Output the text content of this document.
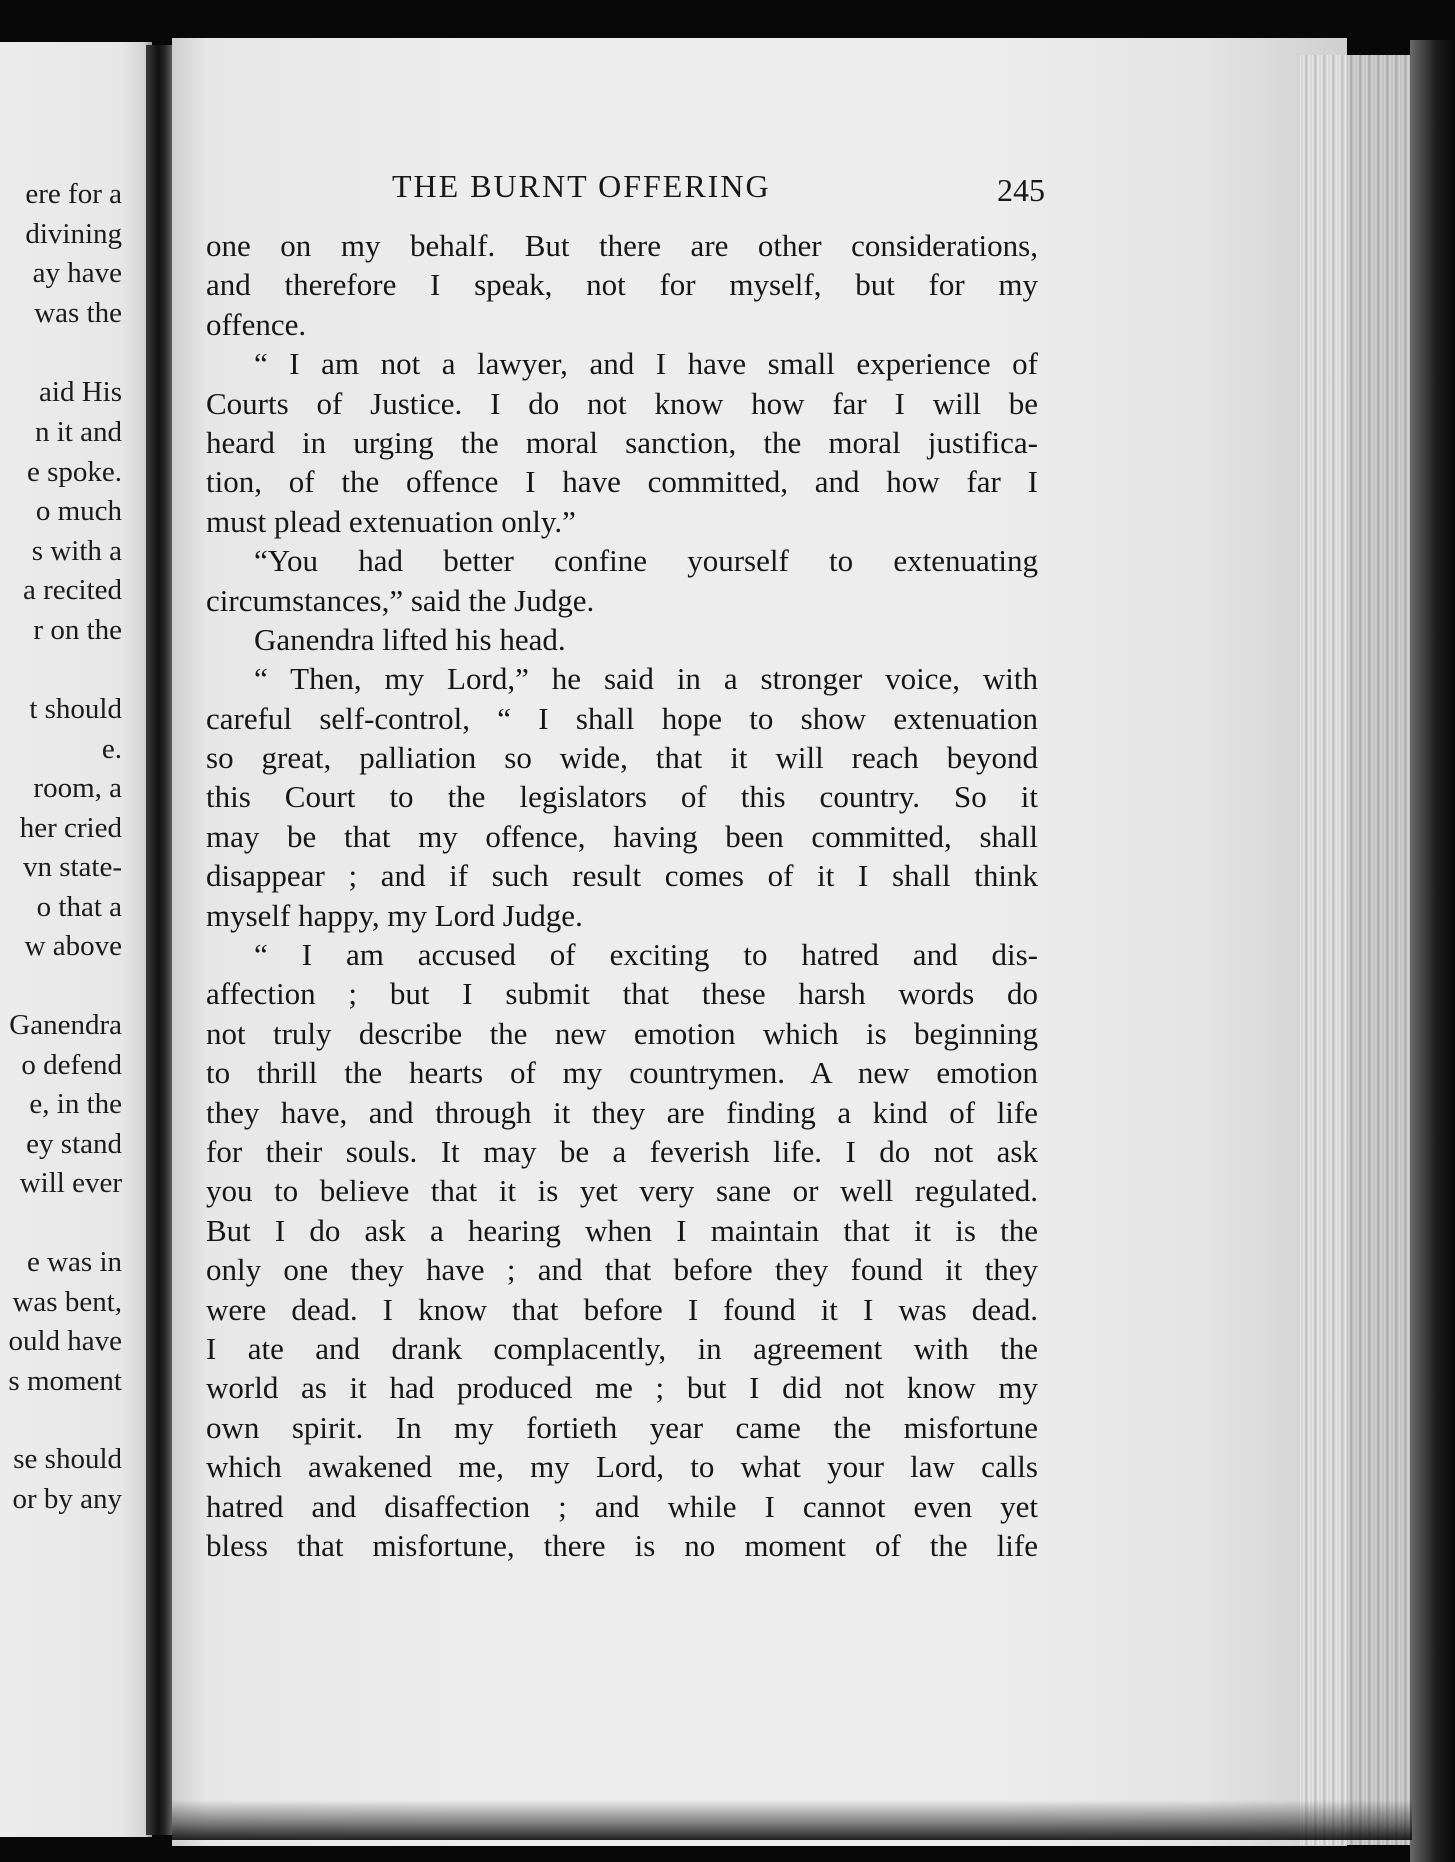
ere for a
divining
ay have
was the
aid His
n it and
e spoke.
o much
s with a
a recited
r on the
t should
e.
room, a
her cried
vn state-
o that a
w above
Ganendra
o defend
e, in the
ey stand
will ever
e was in
was bent,
ould have
s moment
se should
or by any
THE BURNT OFFERING	245
one on my behalf. But there are other considerations,
and therefore I speak, not for myself, but for my
offence.
“ I am not a lawyer, and I have small experience of
Courts of Justice. I do not know how far I will be
heard in urging the moral sanction, the moral justifica-
tion, of the offence I have committed, and how far I
must plead extenuation only.”
“You had better confine yourself to extenuating
circumstances,” said the Judge.
Ganendra lifted his head.
“ Then, my Lord,” he said in a stronger voice, with
careful self-control, “ I shall hope to show extenuation
so great, palliation so wide, that it will reach beyond
this Court to the legislators of this country. So it
may be that my offence, having been committed, shall
disappear ; and if such result comes of it I shall think
myself happy, my Lord Judge.
“ I am accused of exciting to hatred and dis-
affection ; but I submit that these harsh words do
not truly describe the new emotion which is beginning
to thrill the hearts of my countrymen. A new emotion
they have, and through it they are finding a kind of life
for their souls. It may be a feverish life. I do not ask
you to believe that it is yet very sane or well regulated.
But I do ask a hearing when I maintain that it is the
only one they have ; and that before they found it they
were dead. I know that before I found it I was dead.
I ate and drank complacently, in agreement with the
world as it had produced me ; but I did not know my
own spirit. In my fortieth year came the misfortune
which awakened me, my Lord, to what your law calls
hatred and disaffection ; and while I cannot even yet
bless that misfortune, there is no moment of the life
